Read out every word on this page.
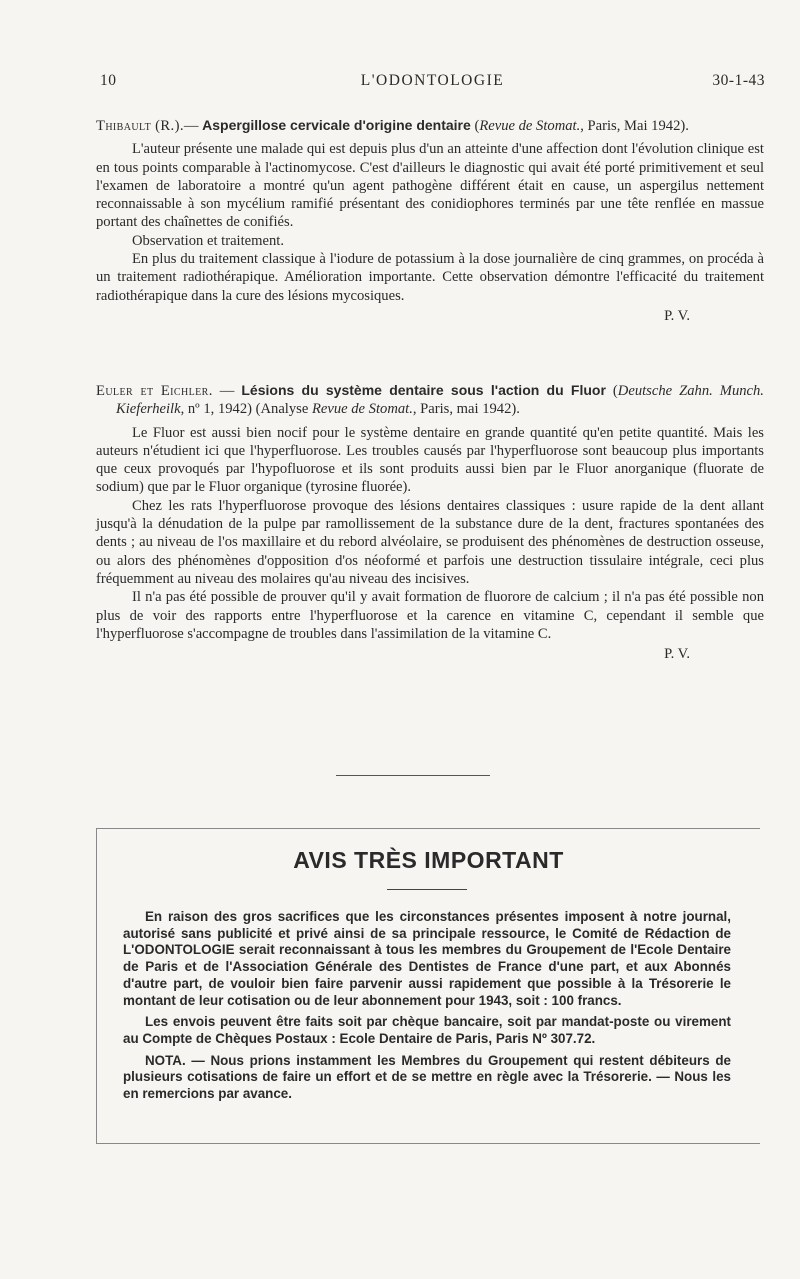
10	L'ODONTOLOGIE	30-1-43

Thibault (R.).— Aspergillose cervicale d'origine dentaire (Revue de Stomat., Paris, Mai 1942).

L'auteur présente une malade qui est depuis plus d'un an atteinte d'une affection dont l'évolution clinique est en tous points comparable à l'actinomycose. C'est d'ailleurs le diagnostic qui avait été porté primitivement et seul l'examen de laboratoire a montré qu'un agent pathogène différent était en cause, un aspergilus nettement reconnaissable à son mycélium ramifié présentant des conidiophores terminés par une tête renflée en massue portant des chaînettes de conifiés.

Observation et traitement.

En plus du traitement classique à l'iodure de potassium à la dose journalière de cinq grammes, on procéda à un traitement radiothérapique. Amélioration importante. Cette observation démontre l'efficacité du traitement radiothérapique dans la cure des lésions mycosiques.

P. V.

Euler et Eichler. — Lésions du système dentaire sous l'action du Fluor (Deutsche Zahn. Munch. Kieferheilk, nº 1, 1942) (Analyse Revue de Stomat., Paris, mai 1942).

Le Fluor est aussi bien nocif pour le système dentaire en grande quantité qu'en petite quantité. Mais les auteurs n'étudient ici que l'hyperfluorose. Les troubles causés par l'hyperfluorose sont beaucoup plus importants que ceux provoqués par l'hypofluorose et ils sont produits aussi bien par le Fluor anorganique (fluorate de sodium) que par le Fluor organique (tyrosine fluorée).

Chez les rats l'hyperfluorose provoque des lésions dentaires classiques : usure rapide de la dent allant jusqu'à la dénudation de la pulpe par ramollissement de la substance dure de la dent, fractures spontanées des dents ; au niveau de l'os maxillaire et du rebord alvéolaire, se produisent des phénomènes de destruction osseuse, ou alors des phénomènes d'opposition d'os néoformé et parfois une destruction tissulaire intégrale, ceci plus fréquemment au niveau des molaires qu'au niveau des incisives.

Il n'a pas été possible de prouver qu'il y avait formation de fluorore de calcium ; il n'a pas été possible non plus de voir des rapports entre l'hyperfluorose et la carence en vitamine C, cependant il semble que l'hyperfluorose s'accompagne de troubles dans l'assimilation de la vitamine C.

P. V.

AVIS TRÈS IMPORTANT

En raison des gros sacrifices que les circonstances présentes imposent à notre journal, autorisé sans publicité et privé ainsi de sa principale ressource, le Comité de Rédaction de L'ODONTOLOGIE serait reconnaissant à tous les membres du Groupement de l'Ecole Dentaire de Paris et de l'Association Générale des Dentistes de France d'une part, et aux Abonnés d'autre part, de vouloir bien faire parvenir aussi rapidement que possible à la Trésorerie le montant de leur cotisation ou de leur abonnement pour 1943, soit : 100 francs.

Les envois peuvent être faits soit par chèque bancaire, soit par mandat-poste ou virement au Compte de Chèques Postaux : Ecole Dentaire de Paris, Paris Nº 307.72.

NOTA. — Nous prions instamment les Membres du Groupement qui restent débiteurs de plusieurs cotisations de faire un effort et de se mettre en règle avec la Trésorerie. — Nous les en remercions par avance.
